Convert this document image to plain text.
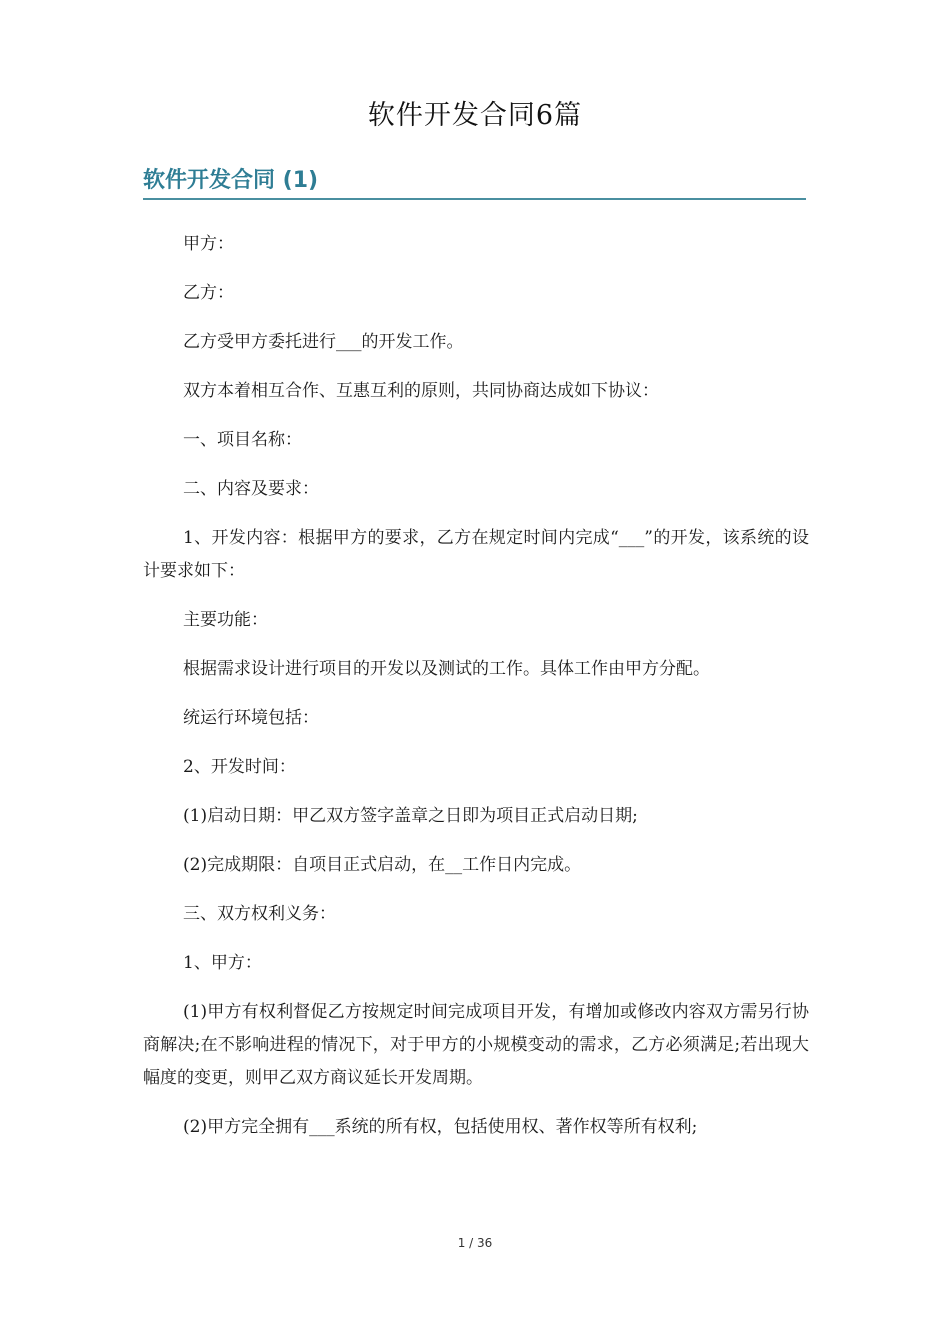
软件开发合同6篇
软件开发合同 (1)

甲方：

乙方：

乙方受甲方委托进行___的开发工作。

双方本着相互合作、互惠互利的原则，共同协商达成如下协议：

一、项目名称：

二、内容及要求：

1、开发内容：根据甲方的要求，乙方在规定时间内完成“___”的开发，该系统的设计要求如下：

主要功能：

根据需求设计进行项目的开发以及测试的工作。具体工作由甲方分配。

统运行环境包括：

2、开发时间：

(1)启动日期：甲乙双方签字盖章之日即为项目正式启动日期;

(2)完成期限：自项目正式启动，在__工作日内完成。

三、双方权利义务：

1、甲方：

(1)甲方有权利督促乙方按规定时间完成项目开发，有增加或修改内容双方需另行协商解决;在不影响进程的情况下，对于甲方的小规模变动的需求，乙方必须满足;若出现大幅度的变更，则甲乙双方商议延长开发周期。

(2)甲方完全拥有___系统的所有权，包括使用权、著作权等所有权利;

1 / 36
